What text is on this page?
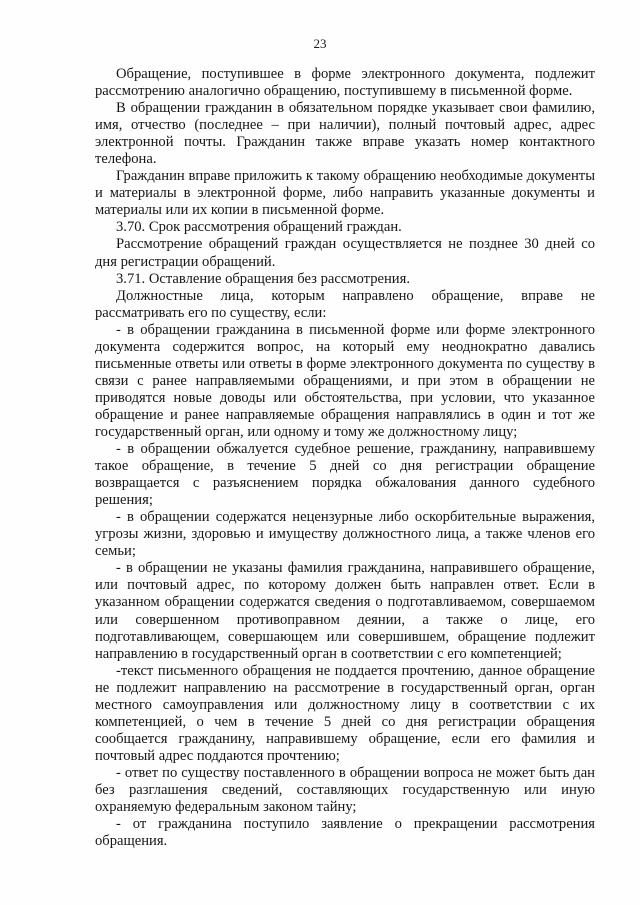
23

Обращение, поступившее в форме электронного документа, подлежит рассмотрению аналогично обращению, поступившему в письменной форме.

В обращении гражданин в обязательном порядке указывает свои фамилию, имя, отчество (последнее – при наличии), полный почтовый адрес, адрес электронной почты. Гражданин также вправе указать номер контактного телефона.

Гражданин вправе приложить к такому обращению необходимые документы и материалы в электронной форме, либо направить указанные документы и материалы или их копии в письменной форме.

3.70. Срок рассмотрения обращений граждан.

Рассмотрение обращений граждан осуществляется не позднее 30 дней со дня регистрации обращений.

3.71. Оставление обращения без рассмотрения.

Должностные лица, которым направлено обращение, вправе не рассматривать его по существу, если:

- в обращении гражданина в письменной форме или форме электронного документа содержится вопрос, на который ему неоднократно давались письменные ответы или ответы в форме электронного документа по существу в связи с ранее направляемыми обращениями, и при этом в обращении не приводятся новые доводы или обстоятельства, при условии, что указанное обращение и ранее направляемые обращения направлялись в один и тот же государственный орган, или одному и тому же должностному лицу;

- в обращении обжалуется судебное решение, гражданину, направившему такое обращение, в течение 5 дней со дня регистрации обращение возвращается с разъяснением порядка обжалования данного судебного решения;

- в обращении содержатся нецензурные либо оскорбительные выражения, угрозы жизни, здоровью и имуществу должностного лица, а также членов его семьи;

- в обращении не указаны фамилия гражданина, направившего обращение, или почтовый адрес, по которому должен быть направлен ответ. Если в указанном обращении содержатся сведения о подготавливаемом, совершаемом или совершенном противоправном деянии, а также о лице, его подготавливающем, совершающем или совершившем, обращение подлежит направлению в государственный орган в соответствии с его компетенцией;

-текст письменного обращения не поддается прочтению, данное обращение не подлежит направлению на рассмотрение в государственный орган, орган местного самоуправления или должностному лицу в соответствии с их компетенцией, о чем в течение 5 дней со дня регистрации обращения сообщается гражданину, направившему обращение, если его фамилия и почтовый адрес поддаются прочтению;

- ответ по существу поставленного в обращении вопроса не может быть дан без разглашения сведений, составляющих государственную или иную охраняемую федеральным законом тайну;

- от гражданина поступило заявление о прекращении рассмотрения обращения.
